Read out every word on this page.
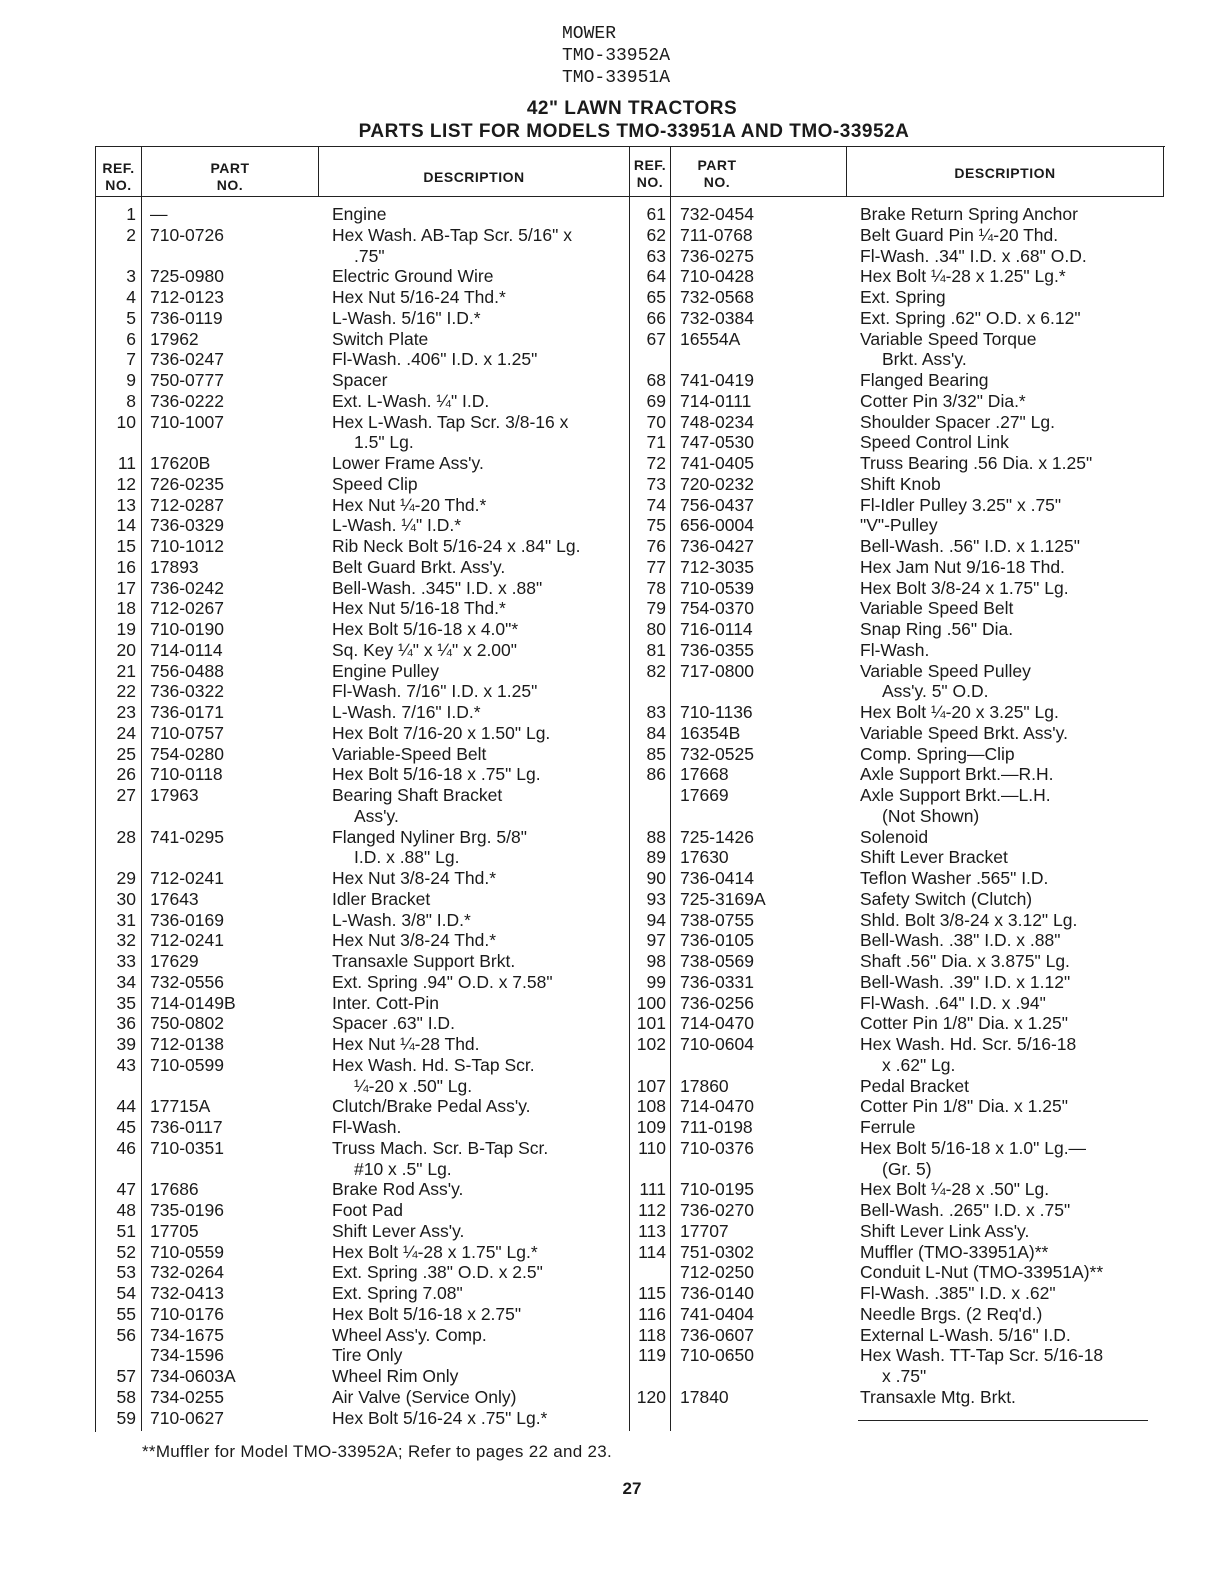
MOWER
TMO-33952A
TMO-33951A
42" LAWN TRACTORS
PARTS LIST FOR MODELS TMO-33951A AND TMO-33952A
REF.
NO.
PART
NO.	DESCRIPTION
REF.
NO.
PART
NO.
DESCRIPTION
1 —	Engine
2 710-0726	Hex Wash. AB-Tap Scr. 5/16" x
.75"
3 725-0980	Electric Ground Wire
4 712-0123	Hex Nut 5/16-24 Thd.*
5 736-0119	L-Wash. 5/16" I.D.*
6 17962	Switch Plate
7 736-0247	Fl-Wash. .406" I.D. x 1.25"
9 750-0777	Spacer
8 736-0222	Ext. L-Wash. ¼" I.D.
10 710-1007	Hex L-Wash. Tap Scr. 3/8-16 x
1.5" Lg.
11 17620B	Lower Frame Ass'y.
12 726-0235	Speed Clip
13 712-0287	Hex Nut ¼-20 Thd.*
14 736-0329	L-Wash. ¼" I.D.*
15 710-1012	Rib Neck Bolt 5/16-24 x .84" Lg.
16 17893	Belt Guard Brkt. Ass'y.
17 736-0242	Bell-Wash. .345" I.D. x .88"
18 712-0267	Hex Nut 5/16-18 Thd.*
19 710-0190	Hex Bolt 5/16-18 x 4.0"*
20 714-0114	Sq. Key ¼" x ¼" x 2.00"
21 756-0488	Engine Pulley
22 736-0322	Fl-Wash. 7/16" I.D. x 1.25"
23 736-0171	L-Wash. 7/16" I.D.*
24 710-0757	Hex Bolt 7/16-20 x 1.50" Lg.
25 754-0280	Variable-Speed Belt
26 710-0118	Hex Bolt 5/16-18 x .75" Lg.
27 17963	Bearing Shaft Bracket
Ass'y.
28 741-0295	Flanged Nyliner Brg. 5/8"
I.D. x .88" Lg.
29 712-0241	Hex Nut 3/8-24 Thd.*
30 17643	Idler Bracket
31 736-0169	L-Wash. 3/8" I.D.*
32 712-0241	Hex Nut 3/8-24 Thd.*
33 17629	Transaxle Support Brkt.
34 732-0556	Ext. Spring .94" O.D. x 7.58"
35 714-0149B	Inter. Cott-Pin
36 750-0802	Spacer .63" I.D.
39 712-0138	Hex Nut ¼-28 Thd.
43 710-0599	Hex Wash. Hd. S-Tap Scr.
¼-20 x .50" Lg.
44 17715A	Clutch/Brake Pedal Ass'y.
45 736-0117	Fl-Wash.
46 710-0351	Truss Mach. Scr. B-Tap Scr.
#10 x .5" Lg.
47 17686	Brake Rod Ass'y.
48 735-0196	Foot Pad
51 17705	Shift Lever Ass'y.
52 710-0559	Hex Bolt ¼-28 x 1.75" Lg.*
53 732-0264	Ext. Spring .38" O.D. x 2.5"
54 732-0413	Ext. Spring 7.08"
55 710-0176	Hex Bolt 5/16-18 x 2.75"
56 734-1675	Wheel Ass'y. Comp.
734-1596	Tire Only
57 734-0603A	Wheel Rim Only
58 734-0255	Air Valve (Service Only)
59 710-0627	Hex Bolt 5/16-24 x .75" Lg.*
61 732-0454	Brake Return Spring Anchor
62 711-0768	Belt Guard Pin ¼-20 Thd.
63 736-0275	Fl-Wash. .34" I.D. x .68" O.D.
64 710-0428	Hex Bolt ¼-28 x 1.25" Lg.*
65 732-0568	Ext. Spring
66 732-0384	Ext. Spring .62" O.D. x 6.12"
67 16554A	Variable Speed Torque
Brkt. Ass'y.
68 741-0419	Flanged Bearing
69 714-0111	Cotter Pin 3/32" Dia.*
70 748-0234	Shoulder Spacer .27" Lg.
71 747-0530	Speed Control Link
72 741-0405	Truss Bearing .56 Dia. x 1.25"
73 720-0232	Shift Knob
74 756-0437	Fl-Idler Pulley 3.25" x .75"
75 656-0004	"V"-Pulley
76 736-0427	Bell-Wash. .56" I.D. x 1.125"
77 712-3035	Hex Jam Nut 9/16-18 Thd.
78 710-0539	Hex Bolt 3/8-24 x 1.75" Lg.
79 754-0370	Variable Speed Belt
80 716-0114	Snap Ring .56" Dia.
81 736-0355	Fl-Wash.
82 717-0800	Variable Speed Pulley
Ass'y. 5" O.D.
83 710-1136	Hex Bolt ¼-20 x 3.25" Lg.
84 16354B	Variable Speed Brkt. Ass'y.
85 732-0525	Comp. Spring—Clip
86 17668	Axle Support Brkt.—R.H.
17669	Axle Support Brkt.—L.H.
(Not Shown)
88 725-1426	Solenoid
89 17630	Shift Lever Bracket
90 736-0414	Teflon Washer .565" I.D.
93 725-3169A	Safety Switch (Clutch)
94 738-0755	Shld. Bolt 3/8-24 x 3.12" Lg.
97 736-0105	Bell-Wash. .38" I.D. x .88"
98 738-0569	Shaft .56" Dia. x 3.875" Lg.
99 736-0331	Bell-Wash. .39" I.D. x 1.12"
100 736-0256	Fl-Wash. .64" I.D. x .94"
101 714-0470	Cotter Pin 1/8" Dia. x 1.25"
102 710-0604	Hex Wash. Hd. Scr. 5/16-18
x .62" Lg.
107 17860	Pedal Bracket
108 714-0470	Cotter Pin 1/8" Dia. x 1.25"
109 711-0198	Ferrule
110 710-0376	Hex Bolt 5/16-18 x 1.0" Lg.—
(Gr. 5)
111 710-0195	Hex Bolt ¼-28 x .50" Lg.
112 736-0270	Bell-Wash. .265" I.D. x .75"
113 17707	Shift Lever Link Ass'y.
114 751-0302	Muffler (TMO-33951A)**
712-0250	Conduit L-Nut (TMO-33951A)**
115 736-0140	Fl-Wash. .385" I.D. x .62"
116 741-0404	Needle Brgs. (2 Req'd.)
118 736-0607	External L-Wash. 5/16" I.D.
119 710-0650	Hex Wash. TT-Tap Scr. 5/16-18
x .75"
120 17840	Transaxle Mtg. Brkt.
**Muffler for Model TMO-33952A; Refer to pages 22 and 23.
27
